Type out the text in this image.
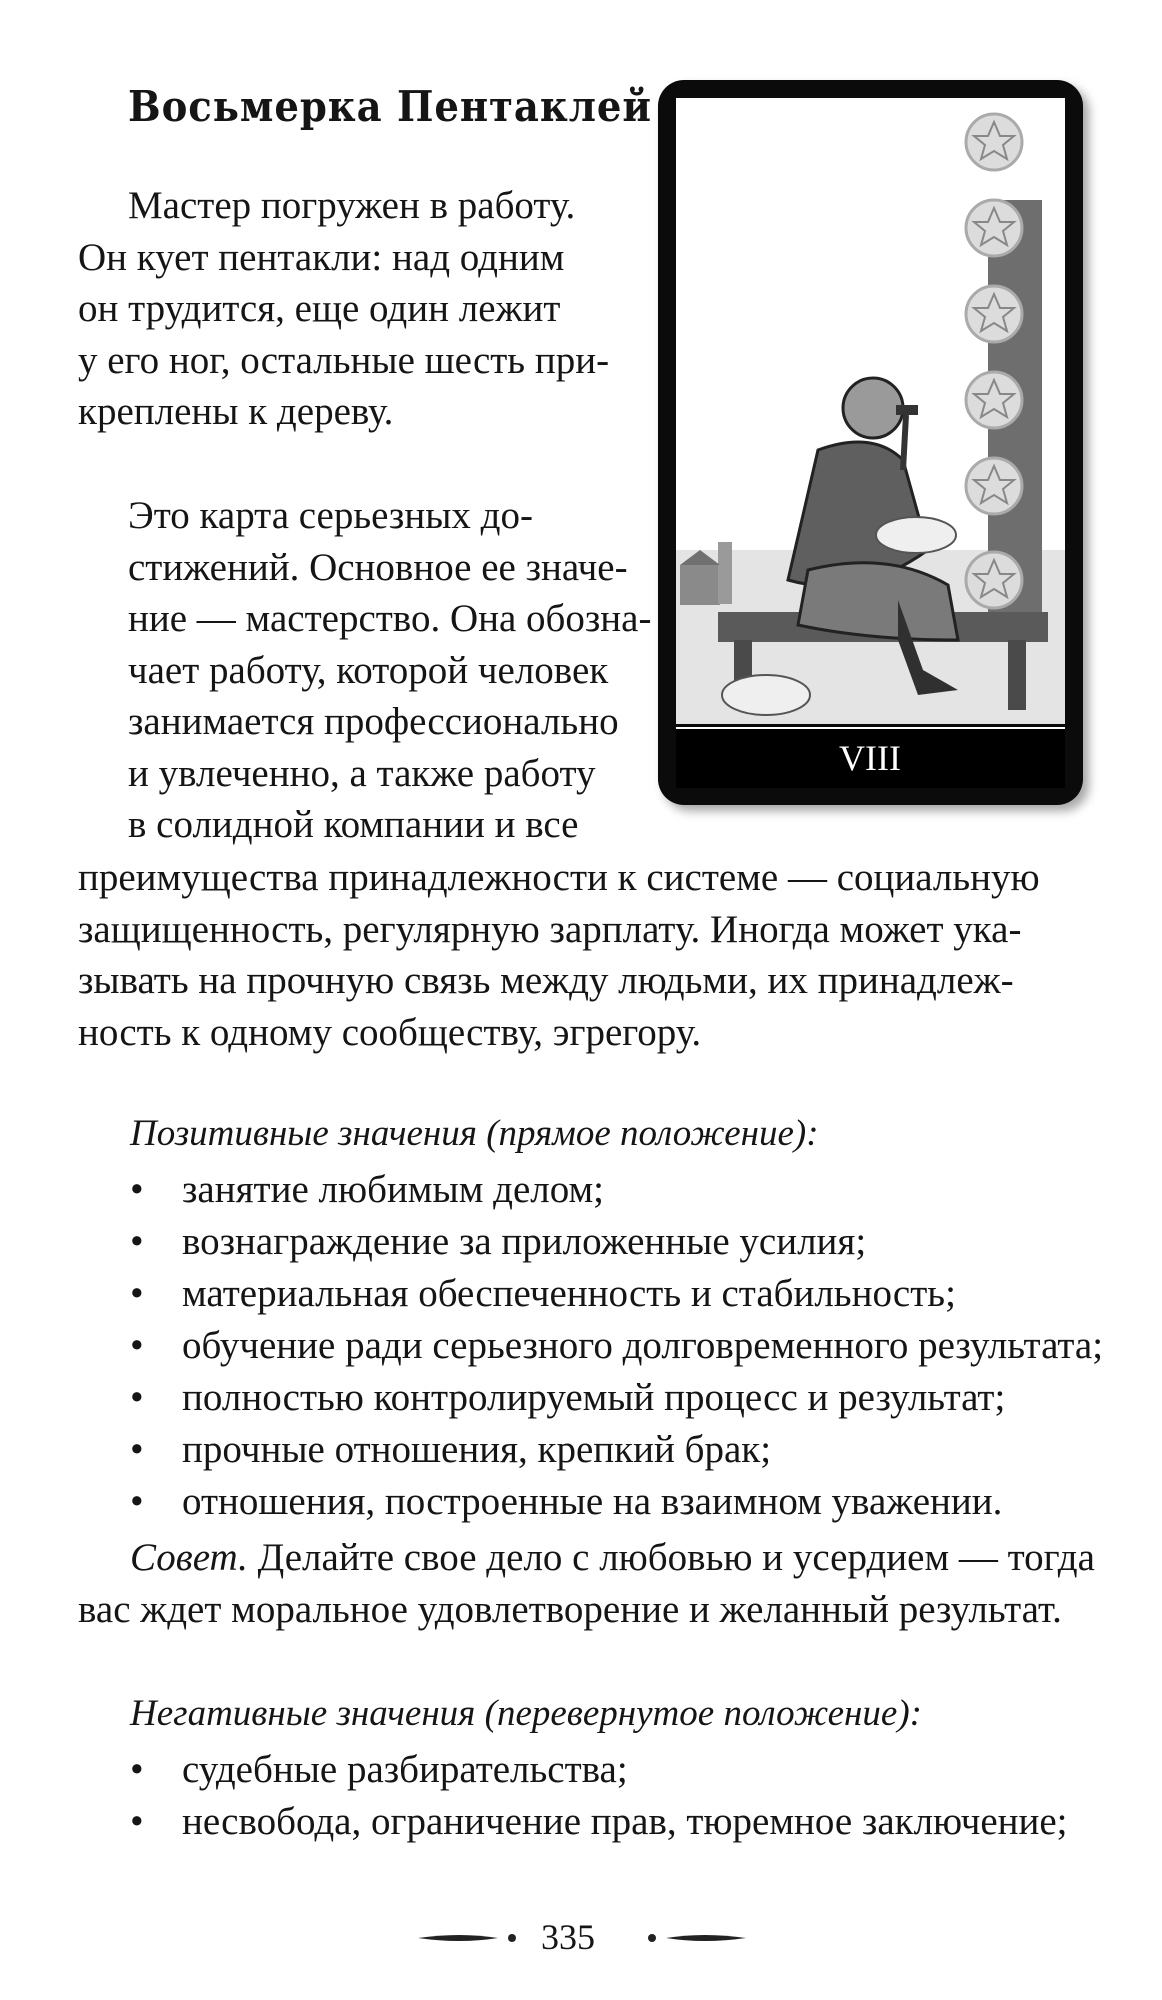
Восьмерка Пентаклей

Мастер погружен в работу.
Он кует пентакли: над одним
он трудится, еще один лежит
у его ног, остальные шесть при-
креплены к дереву.

Это карта серьезных до-
стижений. Основное ее значе-
ние — мастерство. Она обозна-
чает работу, которой человек
занимается профессионально
и увлеченно, а также работу
в солидной компании и все

преимущества принадлежности к системе — социальную
защищенность, регулярную зарплату. Иногда может ука-
зывать на прочную связь между людьми, их принадлеж-
ность к одному сообществу, эгрегору.

VIII

Позитивные значения (прямое положение):

• занятие любимым делом;
• вознаграждение за приложенные усилия;
• материальная обеспеченность и стабильность;
• обучение ради серьезного долговременного результата;
• полностью контролируемый процесс и результат;
• прочные отношения, крепкий брак;
• отношения, построенные на взаимном уважении.

Совет. Делайте свое дело с любовью и усердием — тогда
вас ждет моральное удовлетворение и желанный результат.

Негативные значения (перевернутое положение):

• судебные разбирательства;
• несвобода, ограничение прав, тюремное заключение;
335
